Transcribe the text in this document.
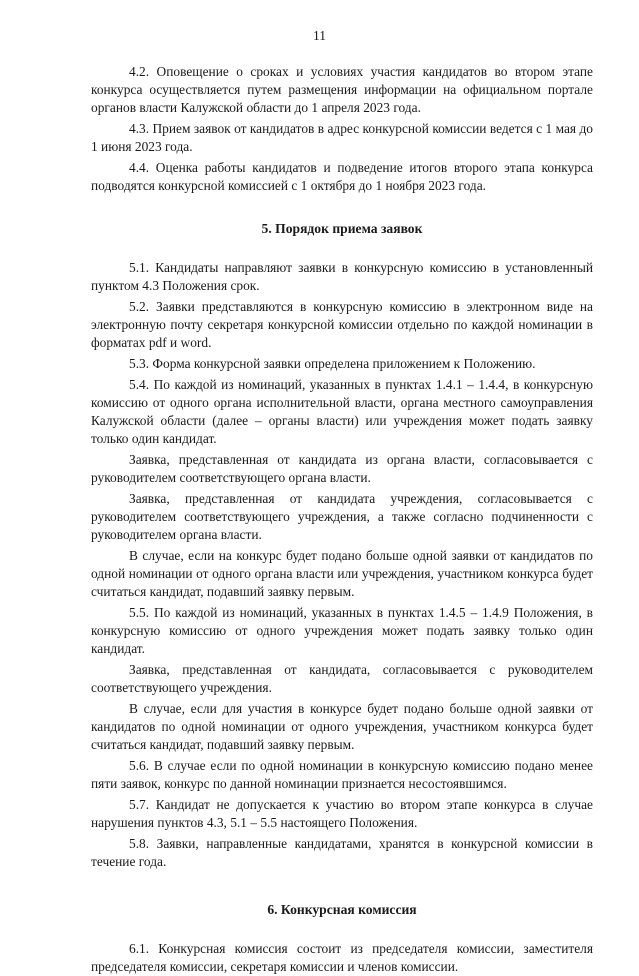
11

4.2. Оповещение о сроках и условиях участия кандидатов во втором этапе конкурса осуществляется путем размещения информации на официальном портале органов власти Калужской области до 1 апреля 2023 года.

4.3. Прием заявок от кандидатов в адрес конкурсной комиссии ведется с 1 мая до 1 июня 2023 года.

4.4. Оценка работы кандидатов и подведение итогов второго этапа конкурса подводятся конкурсной комиссией с 1 октября до 1 ноября 2023 года.

5. Порядок приема заявок

5.1. Кандидаты направляют заявки в конкурсную комиссию в установленный пунктом 4.3 Положения срок.

5.2. Заявки представляются в конкурсную комиссию в электронном виде на электронную почту секретаря конкурсной комиссии отдельно по каждой номинации в форматах pdf и word.

5.3. Форма конкурсной заявки определена приложением к Положению.

5.4. По каждой из номинаций, указанных в пунктах 1.4.1 – 1.4.4, в конкурсную комиссию от одного органа исполнительной власти, органа местного самоуправления Калужской области (далее – органы власти) или учреждения может подать заявку только один кандидат.

Заявка, представленная от кандидата из органа власти, согласовывается с руководителем соответствующего органа власти.

Заявка, представленная от кандидата учреждения, согласовывается с руководителем соответствующего учреждения, а также согласно подчиненности с руководителем органа власти.

В случае, если на конкурс будет подано больше одной заявки от кандидатов по одной номинации от одного органа власти или учреждения, участником конкурса будет считаться кандидат, подавший заявку первым.

5.5. По каждой из номинаций, указанных в пунктах 1.4.5 – 1.4.9 Положения, в конкурсную комиссию от одного учреждения может подать заявку только один кандидат.

Заявка, представленная от кандидата, согласовывается с руководителем соответствующего учреждения.

В случае, если для участия в конкурсе будет подано больше одной заявки от кандидатов по одной номинации от одного учреждения, участником конкурса будет считаться кандидат, подавший заявку первым.

5.6. В случае если по одной номинации в конкурсную комиссию подано менее пяти заявок, конкурс по данной номинации признается несостоявшимся.

5.7. Кандидат не допускается к участию во втором этапе конкурса в случае нарушения пунктов 4.3, 5.1 – 5.5 настоящего Положения.

5.8. Заявки, направленные кандидатами, хранятся в конкурсной комиссии в течение года.

6. Конкурсная комиссия

6.1. Конкурсная комиссия состоит из председателя комиссии, заместителя председателя комиссии, секретаря комиссии и членов комиссии.
